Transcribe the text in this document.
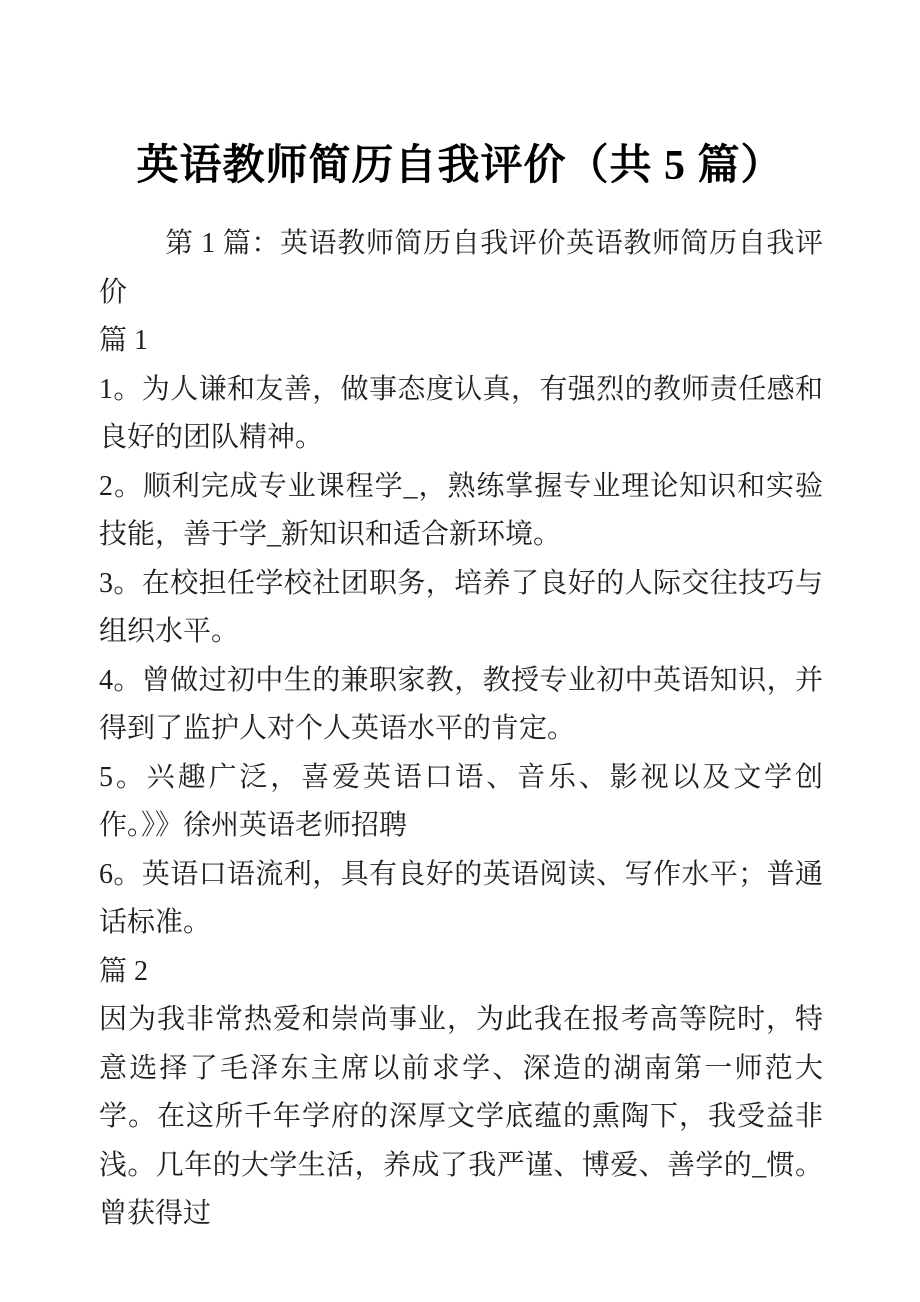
英语教师简历自我评价（共 5 篇）

第 1 篇：英语教师简历自我评价英语教师简历自我评价

篇 1

1。为人谦和友善，做事态度认真，有强烈的教师责任感和良好的团队精神。

2。顺利完成专业课程学_，熟练掌握专业理论知识和实验技能，善于学_新知识和适合新环境。

3。在校担任学校社团职务，培养了良好的人际交往技巧与组织水平。

4。曾做过初中生的兼职家教，教授专业初中英语知识，并得到了监护人对个人英语水平的肯定。

5。兴趣广泛，喜爱英语口语、音乐、影视以及文学创作。》》徐州英语老师招聘

6。英语口语流利，具有良好的英语阅读、写作水平；普通话标准。

篇 2

因为我非常热爱和崇尚事业，为此我在报考高等院时，特意选择了毛泽东主席以前求学、深造的湖南第一师范大学。在这所千年学府的深厚文学底蕴的熏陶下，我受益非浅。几年的大学生活，养成了我严谨、博爱、善学的_惯。曾获得过
